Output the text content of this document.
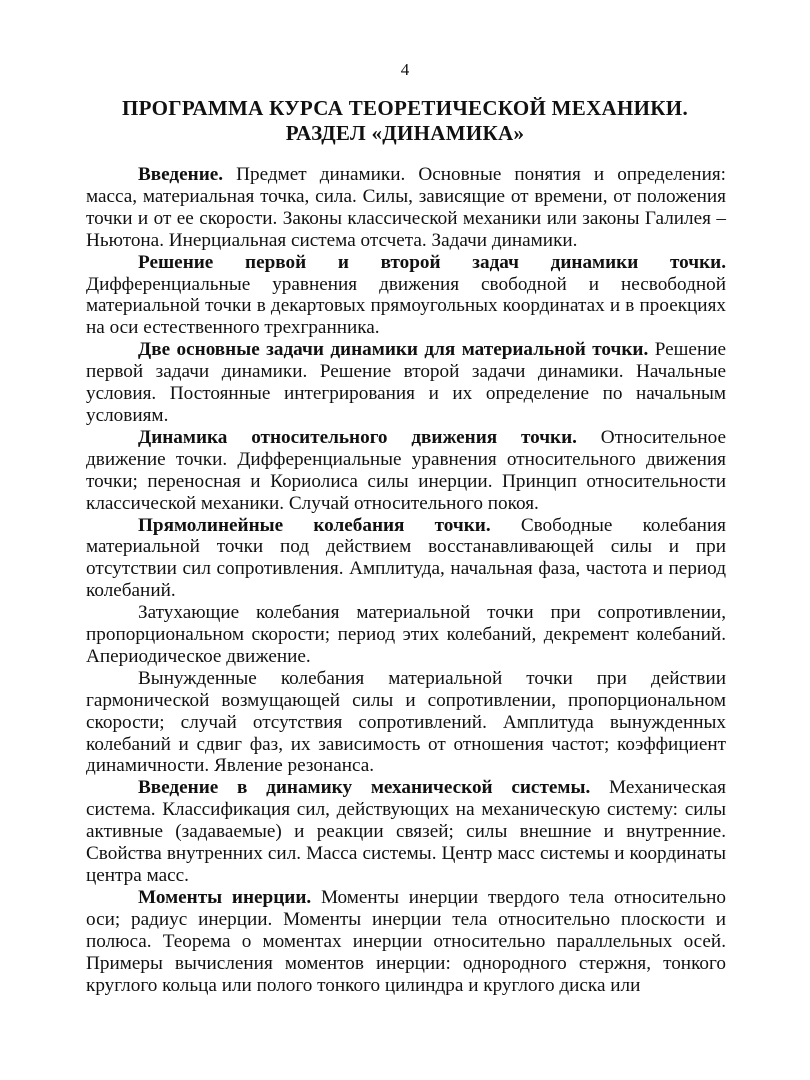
4
ПРОГРАММА КУРСА ТЕОРЕТИЧЕСКОЙ МЕХАНИКИ.
РАЗДЕЛ «ДИНАМИКА»

Введение. Предмет динамики. Основные понятия и определения: масса, материальная точка, сила. Силы, зависящие от времени, от положения точки и от ее скорости. Законы классической механики или законы Галилея – Ньютона. Инерциальная система отсчета. Задачи динамики.

Решение первой и второй задач динамики точки. Дифференциальные уравнения движения свободной и несвободной материальной точки в декартовых прямоугольных координатах и в проекциях на оси естественного трехгранника.

Две основные задачи динамики для материальной точки. Решение первой задачи динамики. Решение второй задачи динамики. Начальные условия. Постоянные интегрирования и их определение по начальным условиям.

Динамика относительного движения точки. Относительное движение точки. Дифференциальные уравнения относительного движения точки; переносная и Кориолиса силы инерции. Принцип относительности классической механики. Случай относительного покоя.

Прямолинейные колебания точки. Свободные колебания материальной точки под действием восстанавливающей силы и при отсутствии сил сопротивления. Амплитуда, начальная фаза, частота и период колебаний.

Затухающие колебания материальной точки при сопротивлении, пропорциональном скорости; период этих колебаний, декремент колебаний. Апериодическое движение.

Вынужденные колебания материальной точки при действии гармонической возмущающей силы и сопротивлении, пропорциональном скорости; случай отсутствия сопротивлений. Амплитуда вынужденных колебаний и сдвиг фаз, их зависимость от отношения частот; коэффициент динамичности. Явление резонанса.

Введение в динамику механической системы. Механическая система. Классификация сил, действующих на механическую систему: силы активные (задаваемые) и реакции связей; силы внешние и внутренние. Свойства внутренних сил. Масса системы. Центр масс системы и координаты центра масс.

Моменты инерции. Моменты инерции твердого тела относительно оси; радиус инерции. Моменты инерции тела относительно плоскости и полюса. Теорема о моментах инерции относительно параллельных осей. Примеры вычисления моментов инерции: однородного стержня, тонкого круглого кольца или полого тонкого цилиндра и круглого диска или
